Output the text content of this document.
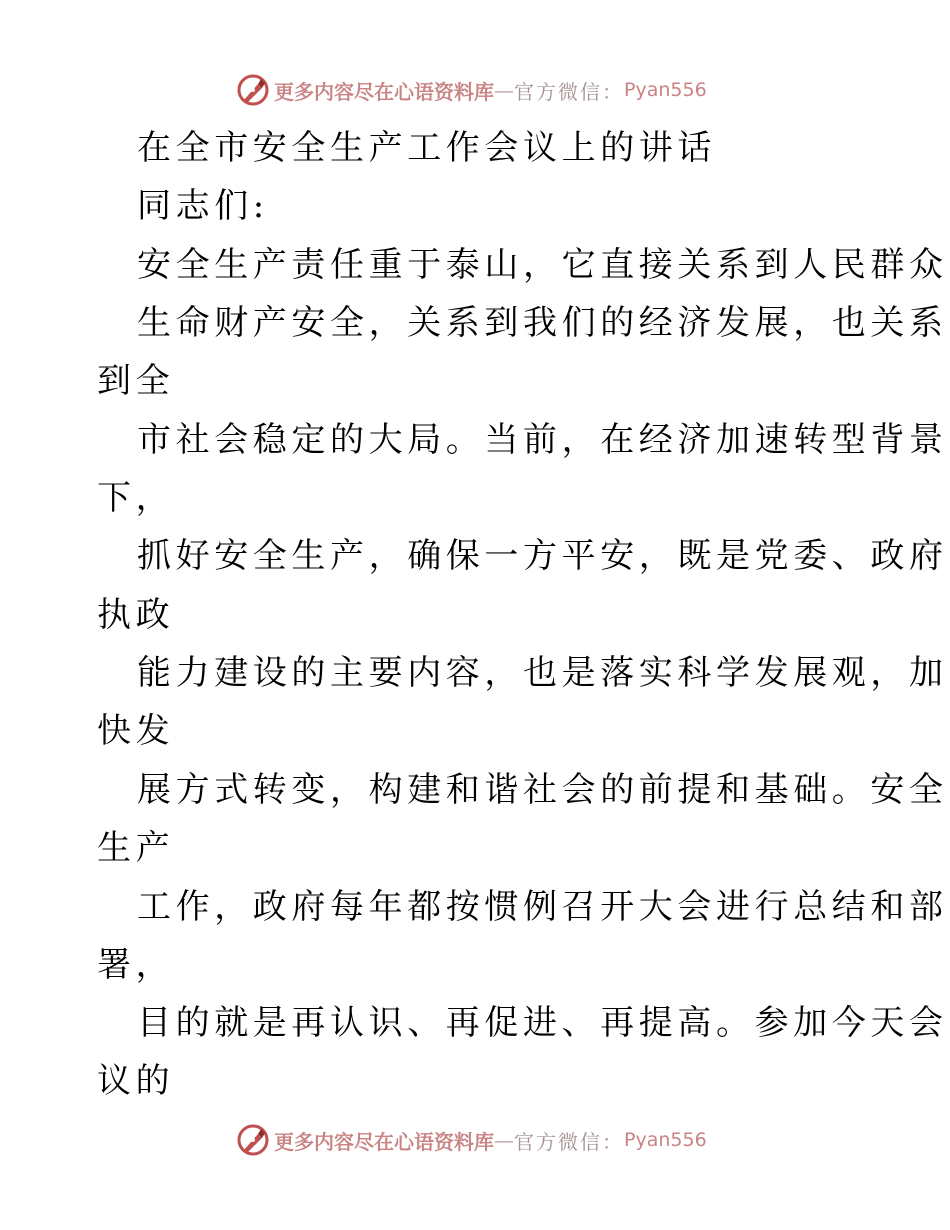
更多内容尽在心语资料库 — 官方微信： Pyan556

在全市安全生产工作会议上的讲话

同志们:

安全生产责任重于泰山，它直接关系到人民群众

生命财产安全，关系到我们的经济发展，也关系

到全

市社会稳定的大局。当前，在经济加速转型背景

下，

抓好安全生产，确保一方平安，既是党委、政府

执政

能力建设的主要内容，也是落实科学发展观，加

快发

展方式转变，构建和谐社会的前提和基础。安全

生产

工作，政府每年都按惯例召开大会进行总结和部

署，

目的就是再认识、再促进、再提高。参加今天会

议的

更多内容尽在心语资料库 — 官方微信： Pyan556
